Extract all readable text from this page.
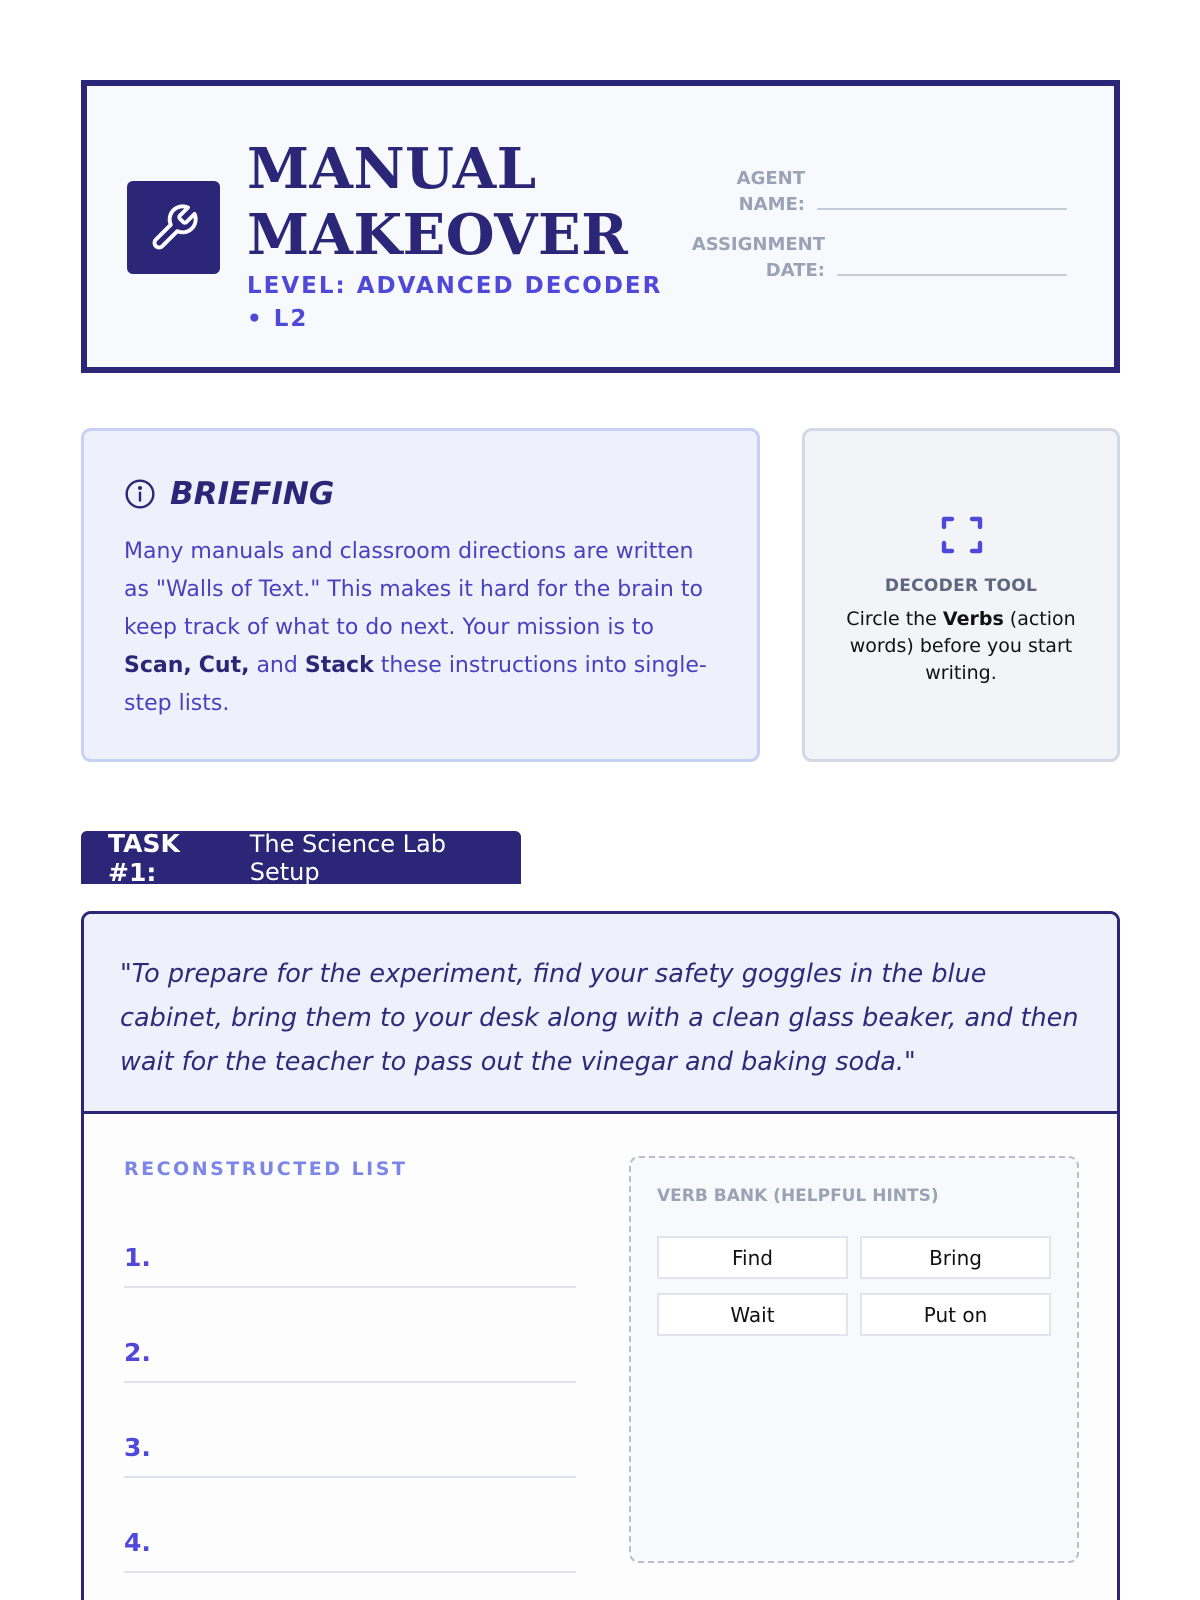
MANUAL
MAKEOVER
LEVEL: ADVANCED DECODER • L2
AGENT NAME:
ASSIGNMENT DATE:
BRIEFING
Many manuals and classroom directions are written as "Walls of Text." This makes it hard for the brain to keep track of what to do next. Your mission is to Scan, Cut, and Stack these instructions into single-step lists.
DECODER TOOL
Circle the Verbs (action words) before you start writing.
TASK #1:
The Science Lab Setup
"To prepare for the experiment, find your safety goggles in the blue cabinet, bring them to your desk along with a clean glass beaker, and then wait for the teacher to pass out the vinegar and baking soda."
RECONSTRUCTED LIST
1.
2.
3.
4.
VERB BANK (HELPFUL HINTS)
Find	Bring
Wait	Put on
